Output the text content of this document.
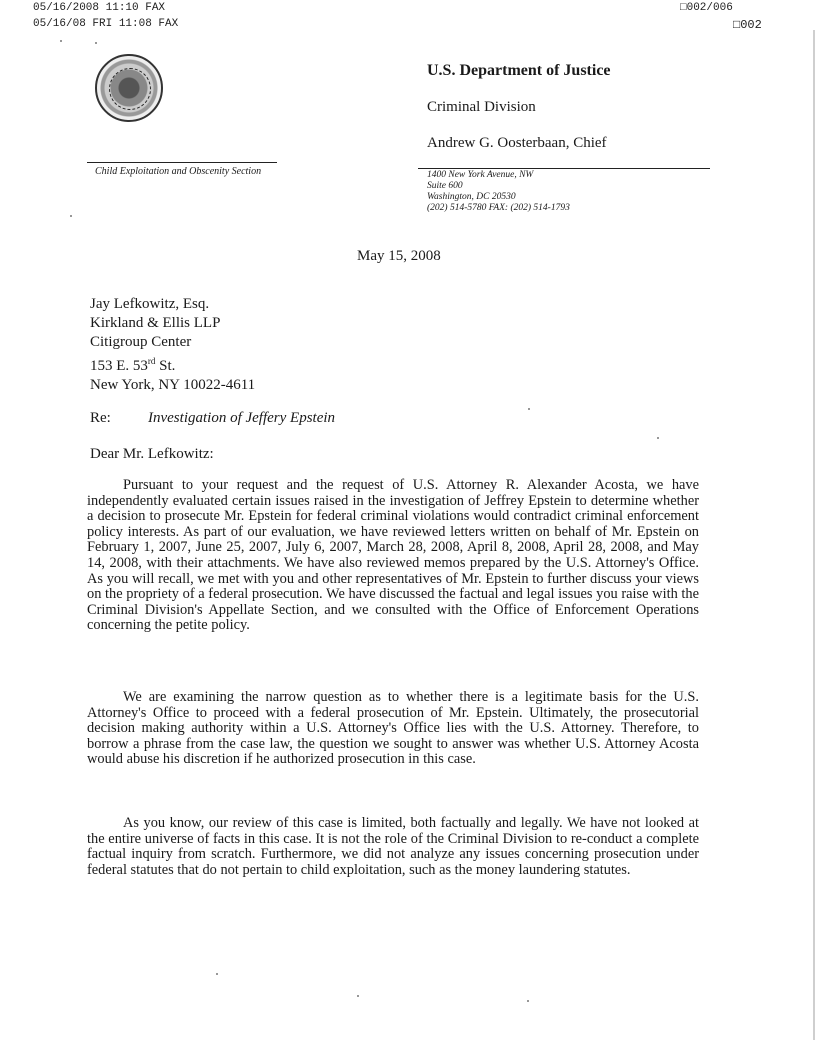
05/16/2008 11:10 FAX
05/16/08 FRI 11:08 FAX
□002/006
□002
U.S. Department of Justice
Criminal Division
Andrew G. Oosterbaan, Chief
Child Exploitation and Obscenity Section	1400 New York Avenue, NW
Suite 600
Washington, DC 20530
(202) 514-5780 FAX: (202) 514-1793
May 15, 2008
Jay Lefkowitz, Esq.
Kirkland & Ellis LLP
Citigroup Center
153 E. 53rd St.
New York, NY 10022-4611
Re: Investigation of Jeffery Epstein
Dear Mr. Lefkowitz:
Pursuant to your request and the request of U.S. Attorney R. Alexander Acosta, we have independently evaluated certain issues raised in the investigation of Jeffrey Epstein to determine whether a decision to prosecute Mr. Epstein for federal criminal violations would contradict criminal enforcement policy interests. As part of our evaluation, we have reviewed letters written on behalf of Mr. Epstein on February 1, 2007, June 25, 2007, July 6, 2007, March 28, 2008, April 8, 2008, April 28, 2008, and May 14, 2008, with their attachments. We have also reviewed memos prepared by the U.S. Attorney's Office. As you will recall, we met with you and other representatives of Mr. Epstein to further discuss your views on the propriety of a federal prosecution. We have discussed the factual and legal issues you raise with the Criminal Division's Appellate Section, and we consulted with the Office of Enforcement Operations concerning the petite policy.
We are examining the narrow question as to whether there is a legitimate basis for the U.S. Attorney's Office to proceed with a federal prosecution of Mr. Epstein. Ultimately, the prosecutorial decision making authority within a U.S. Attorney's Office lies with the U.S. Attorney. Therefore, to borrow a phrase from the case law, the question we sought to answer was whether U.S. Attorney Acosta would abuse his discretion if he authorized prosecution in this case.
As you know, our review of this case is limited, both factually and legally. We have not looked at the entire universe of facts in this case. It is not the role of the Criminal Division to re-conduct a complete factual inquiry from scratch. Furthermore, we did not analyze any issues concerning prosecution under federal statutes that do not pertain to child exploitation, such as the money laundering statutes.
